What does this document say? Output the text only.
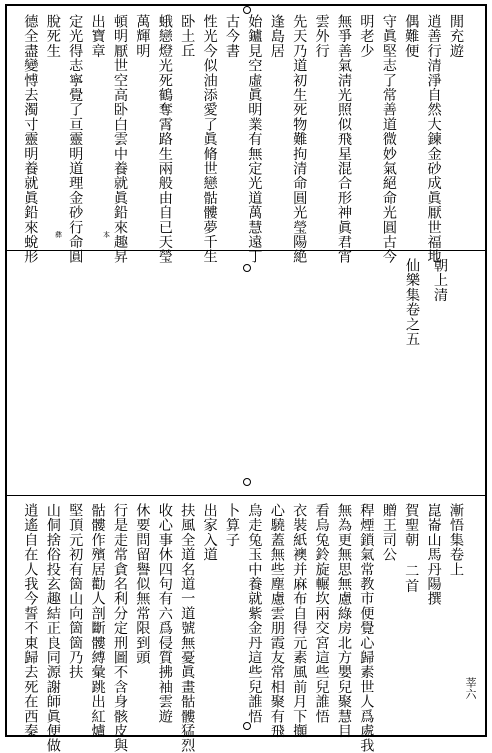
閒充遊
逍善行清淨自然大鍊金砂成眞厭世福地
偶難便
守眞堅志了常善道微妙氣絕命光圓古今
明老少
無爭善氣淸光照似飛星混合形神眞君宵
雲外行
先天乃道初生死物難拘清命圓光瑩陽絶
逢島居
始鑪見空虛眞明業有無定光道萬慧遠丁
古今書
性光今似油添愛了眞脩世戀骷髏夢千生
卧土丘
蛾戀燈光死鶴奪霄路生兩般由自已天瑩
萬輝明
頓明厭世空高卧白雲中養就眞鉛來趣昇
出寶章
定光得志寧覺了亘靈明道理金砂行命圓
脫死生
德全盡變愽去濁寸靈明養就眞鉛來蛻形
朝上清
仙樂集卷之五
漸悟集卷上
崑崙山馬丹陽撰
賀聖朝 二首
贈王司公
稈煙鎖氣常教市便覺心歸素世人爲處我
無為更無思無慮綠房北方嬰兒聚慧目
看烏兔鈴旋輾坎兩交宮這些兒誰悟
衣裝紙襖并麻布自得元素風前月下攧
心驍蓋無些塵慮雲朋霞友常相聚有飛
烏走兔玉中養就紫金丹這些兒誰悟
卜算子
出家入道
扶風全道名道一道號無憂眞畫骷髏猛烈
收心事休四句有六爲侵質拂袖雲遊
休要問留譽似無常限到頭
行是走常貪名利分定刑圖不含身骸皮與
骷髏作殯居勸人剖斷髏縛彙跳出紅爐
堅頂元初有箇山向箇箇乃扶
山侗捨俗投玄趣結正良同源謝師眞便做
逍遙自在人我今誓不東歸去死在西秦	莘六
彝	本
